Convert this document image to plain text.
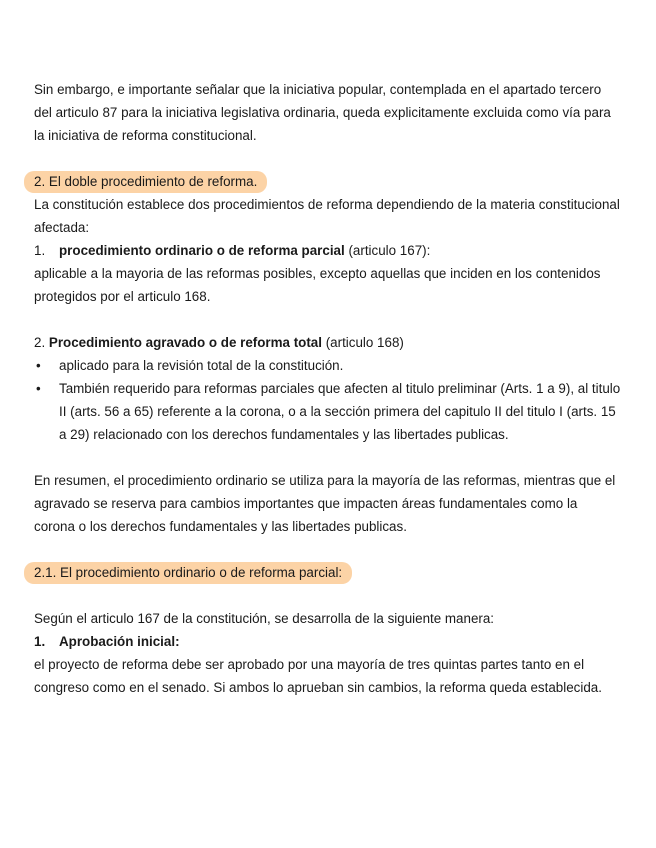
Sin embargo, e importante señalar que la iniciativa popular, contemplada en el apartado tercero del articulo 87 para la iniciativa legislativa ordinaria, queda explicitamente excluida como vía para la iniciativa de reforma constitucional.

2. El doble procedimiento de reforma.

La constitución establece dos procedimientos de reforma dependiendo de la materia constitucional afectada:

1.	procedimiento ordinario o de reforma parcial (articulo 167):

aplicable a la mayoria de las reformas posibles, excepto aquellas que inciden en los contenidos protegidos por el articulo 168.

2. Procedimiento agravado o de reforma total (articulo 168)

•	aplicado para la revisión total de la constitución.
•	También requerido para reformas parciales que afecten al titulo preliminar (Arts. 1 a 9), al titulo II (arts. 56 a 65) referente a la corona, o a la sección primera del capitulo II del titulo I (arts. 15 a 29) relacionado con los derechos fundamentales y las libertades publicas.

En resumen, el procedimiento ordinario se utiliza para la mayoría de las reformas, mientras que el agravado se reserva para cambios importantes que impacten áreas fundamentales como la corona o los derechos fundamentales y las libertades publicas.

2.1. El procedimiento ordinario o de reforma parcial:

Según el articulo 167 de la constitución, se desarrolla de la siguiente manera:

1.	Aprobación inicial:

el proyecto de reforma debe ser aprobado por una mayoría de tres quintas partes tanto en el congreso como en el senado. Si ambos lo aprueban sin cambios, la reforma queda establecida.
